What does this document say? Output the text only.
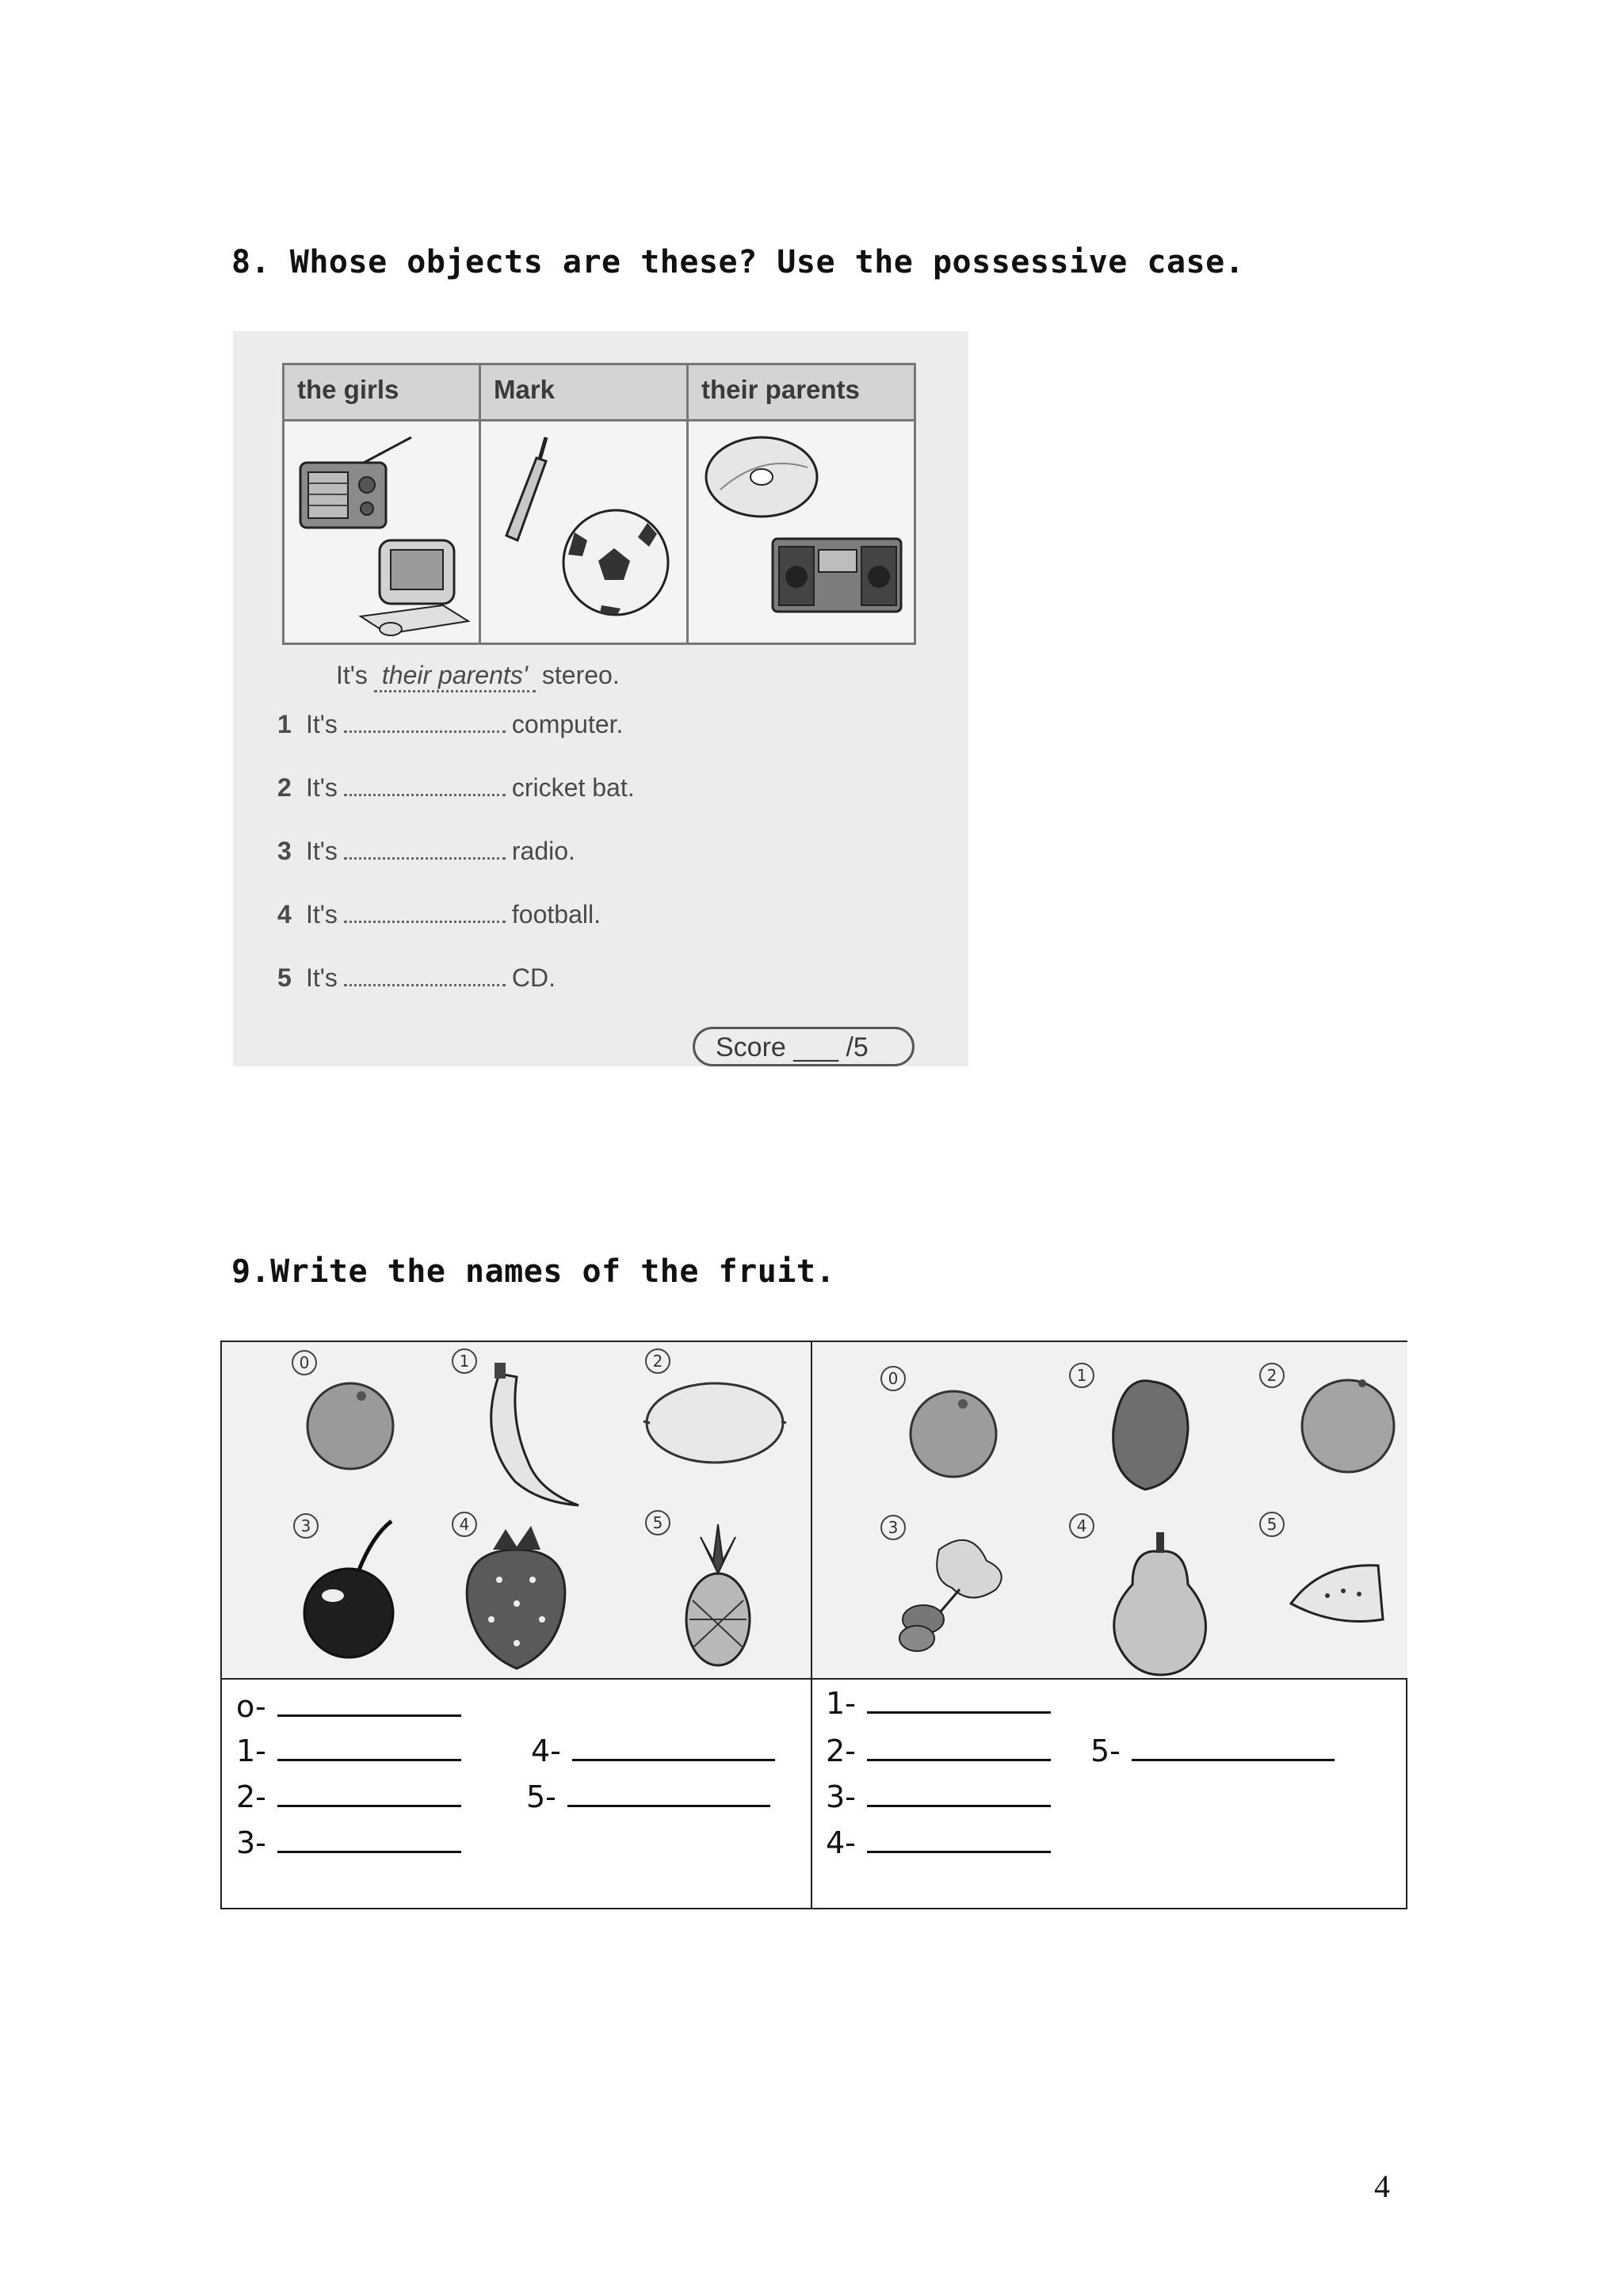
8. Whose objects are these? Use the possessive case.
the girls	Mark	their parents
It's their parents' stereo.
1 It's	computer.
2 It's	cricket bat.
3 It's	radio.
4 It's	football.
5 It's	CD.
Score ___ /5
9.Write the names of the fruit.
0	1	2
3	4	5
0	1	2
3	4	5
o-
1-	4-
2-	5-
3-
1-
2-	5-
3-
4-
4
